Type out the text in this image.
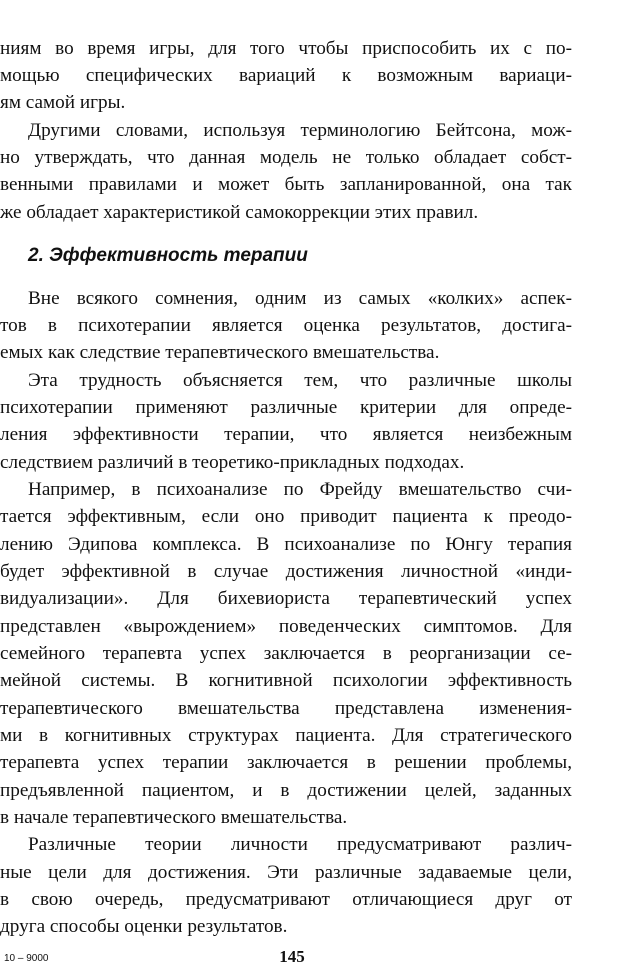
ниям во время игры, для того чтобы приспособить их с по-
мощью специфических вариаций к возможным вариаци-
ям самой игры.
Другими словами, используя терминологию Бейтсона, мож-
но утверждать, что данная модель не только обладает собст-
венными правилами и может быть запланированной, она так
же обладает характеристикой самокоррекции этих правил.
2. Эффективность терапии
Вне всякого сомнения, одним из самых «колких» аспек-
тов в психотерапии является оценка результатов, достига-
емых как следствие терапевтического вмешательства.
Эта трудность объясняется тем, что различные школы
психотерапии применяют различные критерии для опреде-
ления эффективности терапии, что является неизбежным
следствием различий в теоретико-прикладных подходах.
Например, в психоанализе по Фрейду вмешательство счи-
тается эффективным, если оно приводит пациента к преодо-
лению Эдипова комплекса. В психоанализе по Юнгу терапия
будет эффективной в случае достижения личностной «инди-
видуализации». Для бихевиориста терапевтический успех
представлен «вырождением» поведенческих симптомов. Для
семейного терапевта успех заключается в реорганизации се-
мейной системы. В когнитивной психологии эффективность
терапевтического вмешательства представлена изменения-
ми в когнитивных структурах пациента. Для стратегического
терапевта успех терапии заключается в решении проблемы,
предъявленной пациентом, и в достижении целей, заданных
в начале терапевтического вмешательства.
Различные теории личности предусматривают различ-
ные цели для достижения. Эти различные задаваемые цели,
в свою очередь, предусматривают отличающиеся друг от
друга способы оценки результатов.
10 – 9000	145
